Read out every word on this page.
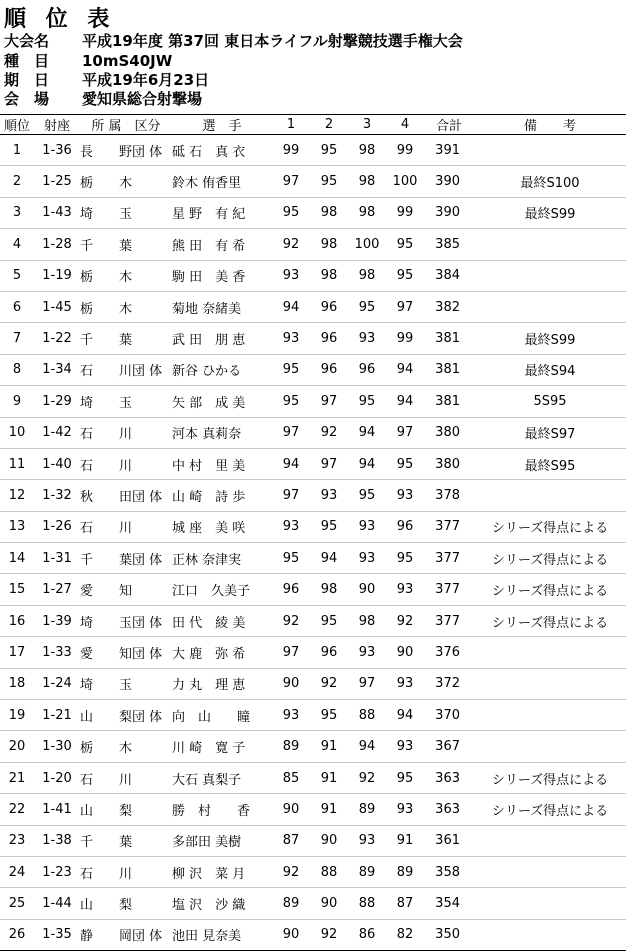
順 位 表
大会名 平成19年度 第37回 東日本ライフル射撃競技選手権大会
種　目 10mS40JW
期　日 平成19年6月23日
会　場 愛知県総合射撃場
順位	射座	所 属　区分	選　手	1	2	3	4	合計	備　　考
1	1-36	長　　野団 体	砥 石　真 衣	99	95	98	99	391	
2	1-25	栃　　木	鈴木 侑香里	97	95	98	100	390	最終S100
3	1-43	埼　　玉	星 野　有 紀	95	98	98	99	390	最終S99
4	1-28	千　　葉	熊 田　有 希	92	98	100	95	385	
5	1-19	栃　　木	駒 田　美 香	93	98	98	95	384	
6	1-45	栃　　木	菊地 奈緒美	94	96	95	97	382	
7	1-22	千　　葉	武 田　朋 恵	93	96	93	99	381	最終S99
8	1-34	石　　川団 体	新谷 ひかる	95	96	96	94	381	最終S94
9	1-29	埼　　玉	矢 部　成 美	95	97	95	94	381	5S95
10	1-42	石　　川	河本 真莉奈	97	92	94	97	380	最終S97
11	1-40	石　　川	中 村　里 美	94	97	94	95	380	最終S95
12	1-32	秋　　田団 体	山 崎　詩 歩	97	93	95	93	378	
13	1-26	石　　川	城 座　美 咲	93	95	93	96	377	シリーズ得点による
14	1-31	千　　葉団 体	正林 奈津実	95	94	93	95	377	シリーズ得点による
15	1-27	愛　　知	江口　久美子	96	98	90	93	377	シリーズ得点による
16	1-39	埼　　玉団 体	田 代　綾 美	92	95	98	92	377	シリーズ得点による
17	1-33	愛　　知団 体	大 鹿　弥 希	97	96	93	90	376	
18	1-24	埼　　玉	力 丸　理 恵	90	92	97	93	372	
19	1-21	山　　梨団 体	向　山　　瞳	93	95	88	94	370	
20	1-30	栃　　木	川 崎　寛 子	89	91	94	93	367	
21	1-20	石　　川	大石 真梨子	85	91	92	95	363	シリーズ得点による
22	1-41	山　　梨	勝　村　　香	90	91	89	93	363	シリーズ得点による
23	1-38	千　　葉	多部田 美樹	87	90	93	91	361	
24	1-23	石　　川	柳 沢　菜 月	92	88	89	89	358	
25	1-44	山　　梨	塩 沢　沙 織	89	90	88	87	354	
26	1-35	静　　岡団 体	池田 見奈美	90	92	86	82	350	
